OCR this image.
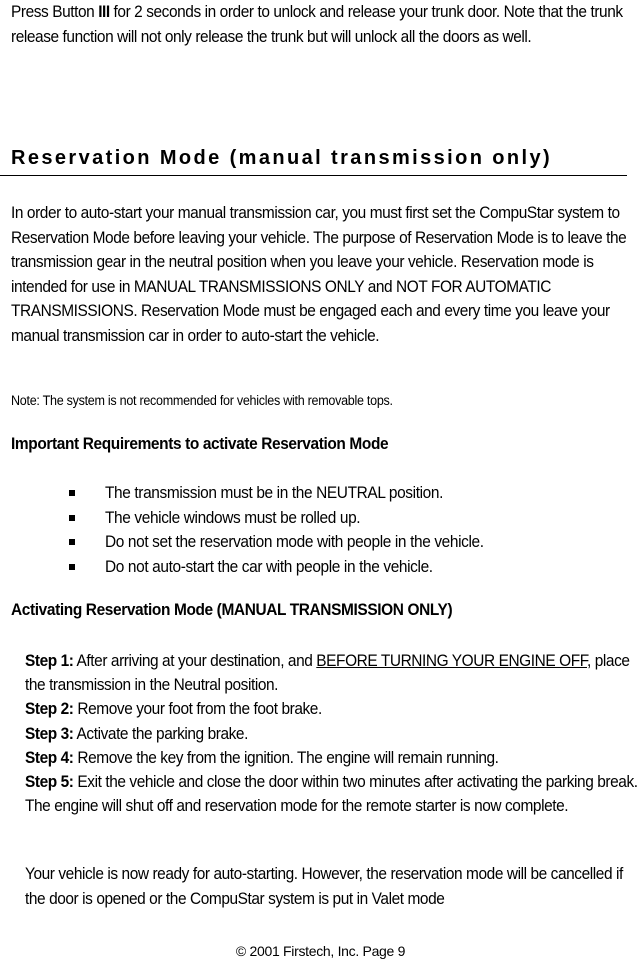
Press Button III for 2 seconds in order to unlock and release your trunk door. Note that the trunk release function will not only release the trunk but will unlock all the doors as well.

Reservation Mode (manual transmission only)

In order to auto-start your manual transmission car, you must first set the CompuStar system to Reservation Mode before leaving your vehicle. The purpose of Reservation Mode is to leave the transmission gear in the neutral position when you leave your vehicle. Reservation mode is intended for use in MANUAL TRANSMISSIONS ONLY and NOT FOR AUTOMATIC TRANSMISSIONS. Reservation Mode must be engaged each and every time you leave your manual transmission car in order to auto-start the vehicle.

Note: The system is not recommended for vehicles with removable tops.

Important Requirements to activate Reservation Mode
The transmission must be in the NEUTRAL position.
The vehicle windows must be rolled up.
Do not set the reservation mode with people in the vehicle.
Do not auto-start the car with people in the vehicle.
Activating Reservation Mode (MANUAL TRANSMISSION ONLY)

Step 1: After arriving at your destination, and BEFORE TURNING YOUR ENGINE OFF, place the transmission in the Neutral position.

Step 2: Remove your foot from the foot brake.

Step 3: Activate the parking brake.

Step 4: Remove the key from the ignition. The engine will remain running.

Step 5: Exit the vehicle and close the door within two minutes after activating the parking break. The engine will shut off and reservation mode for the remote starter is now complete.

Your vehicle is now ready for auto-starting. However, the reservation mode will be cancelled if the door is opened or the CompuStar system is put in Valet mode

© 2001 Firstech, Inc. Page 9
